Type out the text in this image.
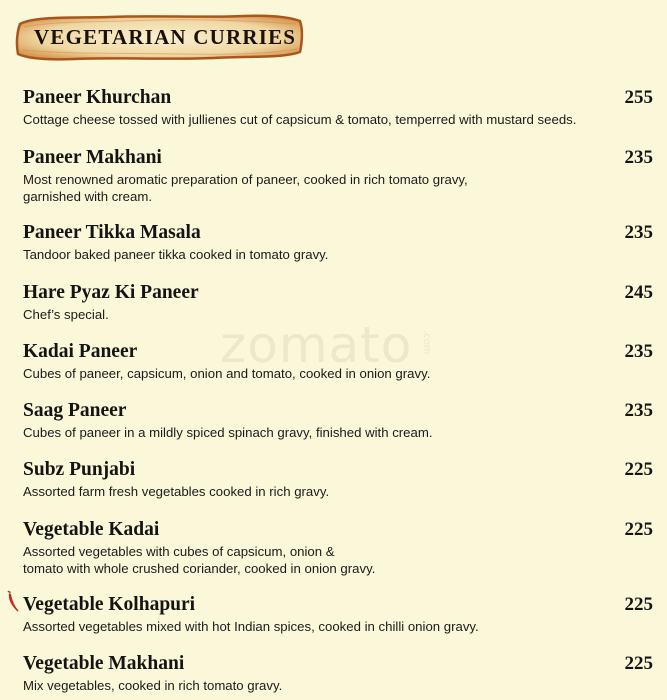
VEGETARIAN CURRIES
zomato .com
Paneer Khurchan	255
Cottage cheese tossed with jullienes cut of capsicum & tomato, temperred with mustard seeds.
Paneer Makhani	235
Most renowned aromatic preparation of paneer, cooked in rich tomato gravy,
garnished with cream.
Paneer Tikka Masala	235
Tandoor baked paneer tikka cooked in tomato gravy.
Hare Pyaz Ki Paneer	245
Chef’s special.
Kadai Paneer	235
Cubes of paneer, capsicum, onion and tomato, cooked in onion gravy.
Saag Paneer	235
Cubes of paneer in a mildly spiced spinach gravy, finished with cream.
Subz Punjabi	225
Assorted farm fresh vegetables cooked in rich gravy.
Vegetable Kadai	225
Assorted vegetables with cubes of capsicum, onion &
tomato with whole crushed coriander, cooked in onion gravy.
Vegetable Kolhapuri	225
Assorted vegetables mixed with hot Indian spices, cooked in chilli onion gravy.
Vegetable Makhani	225
Mix vegetables, cooked in rich tomato gravy.
